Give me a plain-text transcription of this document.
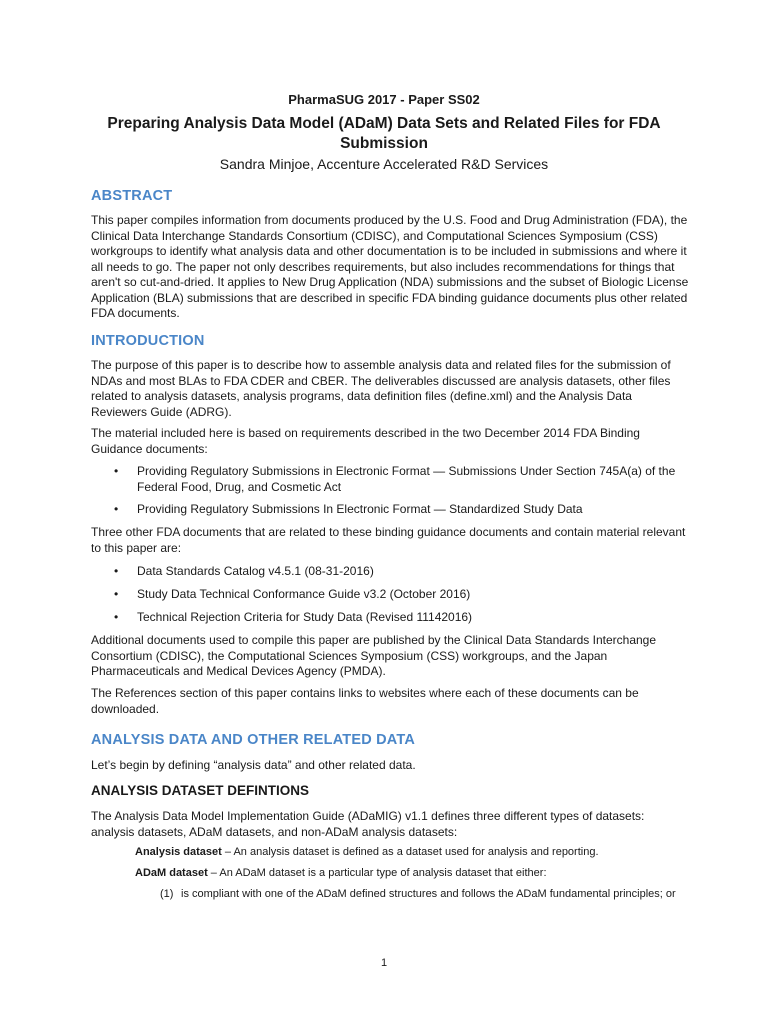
PharmaSUG 2017 - Paper SS02
Preparing Analysis Data Model (ADaM) Data Sets and Related Files for FDA Submission
Sandra Minjoe, Accenture Accelerated R&D Services
ABSTRACT

This paper compiles information from documents produced by the U.S. Food and Drug Administration (FDA), the Clinical Data Interchange Standards Consortium (CDISC), and Computational Sciences Symposium (CSS) workgroups to identify what analysis data and other documentation is to be included in submissions and where it all needs to go. The paper not only describes requirements, but also includes recommendations for things that aren't so cut-and-dried. It applies to New Drug Application (NDA) submissions and the subset of Biologic License Application (BLA) submissions that are described in specific FDA binding guidance documents plus other related FDA documents.

INTRODUCTION

The purpose of this paper is to describe how to assemble analysis data and related files for the submission of NDAs and most BLAs to FDA CDER and CBER. The deliverables discussed are analysis datasets, other files related to analysis datasets, analysis programs, data definition files (define.xml) and the Analysis Data Reviewers Guide (ADRG).

The material included here is based on requirements described in the two December 2014 FDA Binding Guidance documents:

•	Providing Regulatory Submissions in Electronic Format — Submissions Under Section 745A(a) of the Federal Food, Drug, and Cosmetic Act
•	Providing Regulatory Submissions In Electronic Format — Standardized Study Data

Three other FDA documents that are related to these binding guidance documents and contain material relevant to this paper are:

•	Data Standards Catalog v4.5.1 (08-31-2016)
•	Study Data Technical Conformance Guide v3.2 (October 2016)
•	Technical Rejection Criteria for Study Data (Revised 11142016)

Additional documents used to compile this paper are published by the Clinical Data Standards Interchange Consortium (CDISC), the Computational Sciences Symposium (CSS) workgroups, and the Japan Pharmaceuticals and Medical Devices Agency (PMDA).

The References section of this paper contains links to websites where each of these documents can be downloaded.

ANALYSIS DATA AND OTHER RELATED DATA

Let’s begin by defining “analysis data” and other related data.

ANALYSIS DATASET DEFINTIONS

The Analysis Data Model Implementation Guide (ADaMIG) v1.1 defines three different types of datasets: analysis datasets, ADaM datasets, and non-ADaM analysis datasets:

Analysis dataset – An analysis dataset is defined as a dataset used for analysis and reporting.
ADaM dataset – An ADaM dataset is a particular type of analysis dataset that either:
(1) is compliant with one of the ADaM defined structures and follows the ADaM fundamental principles; or
1
